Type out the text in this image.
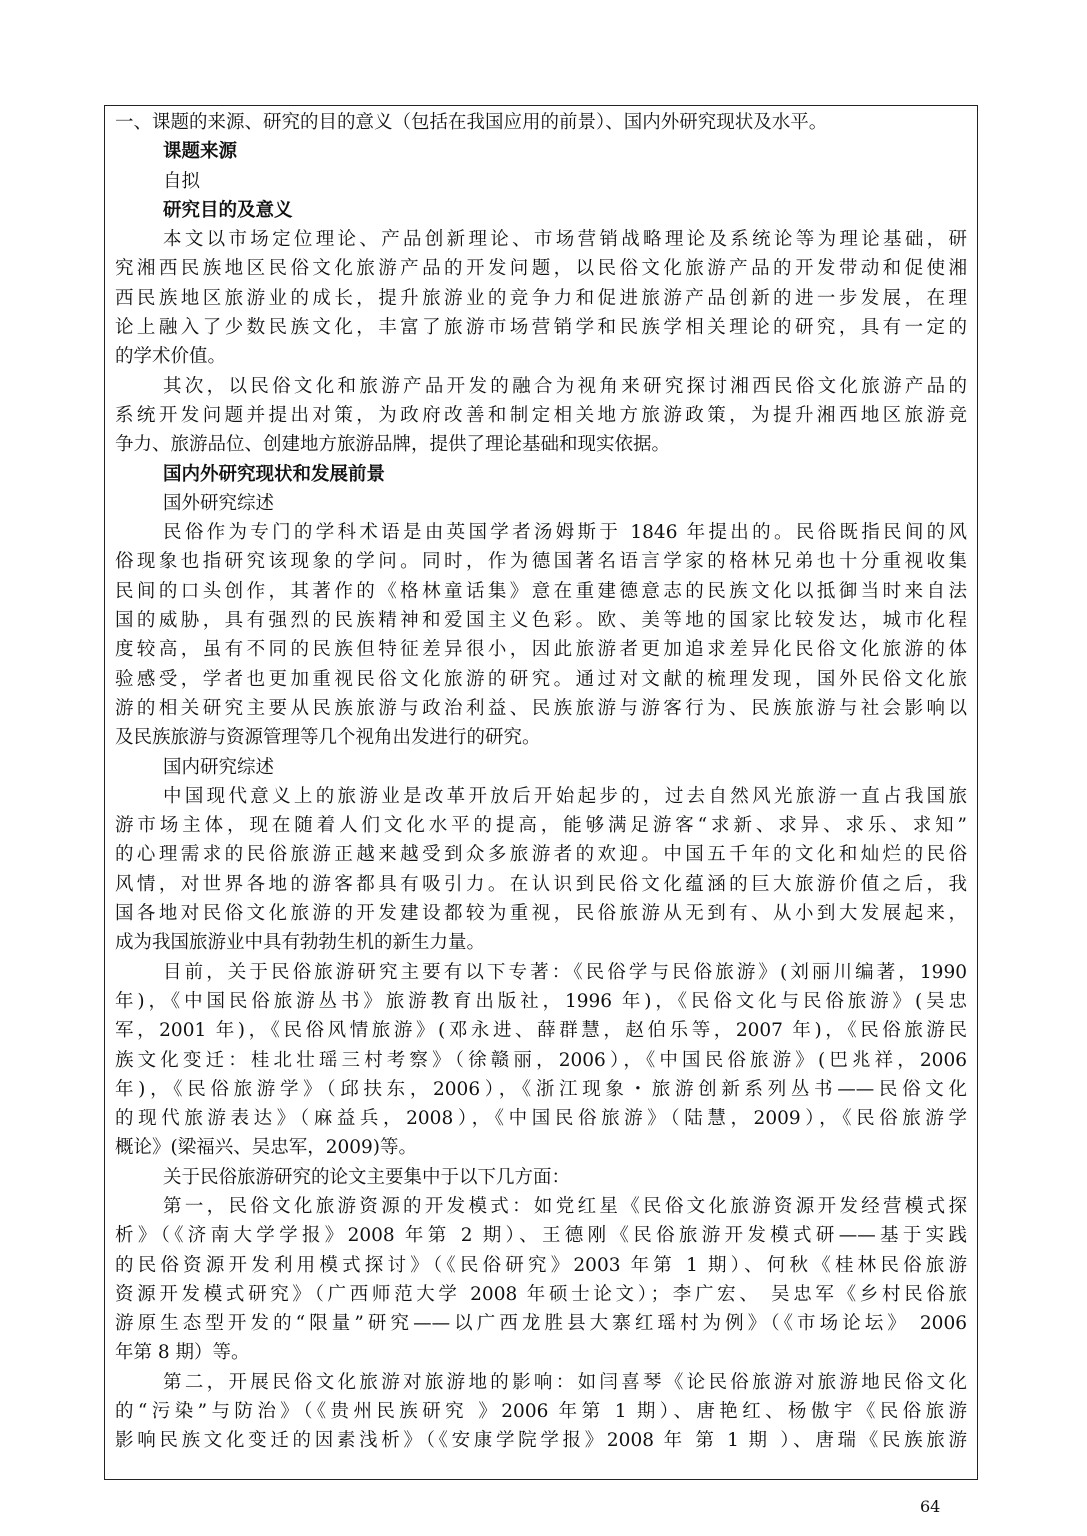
一、课题的来源、研究的目的意义（包括在我国应用的前景）、国内外研究现状及水平。
课题来源
自拟
研究目的及意义
本文以市场定位理论、产品创新理论、市场营销战略理论及系统论等为理论基础，研
究湘西民族地区民俗文化旅游产品的开发问题，以民俗文化旅游产品的开发带动和促使湘
西民族地区旅游业的成长，提升旅游业的竞争力和促进旅游产品创新的进一步发展，在理
论上融入了少数民族文化，丰富了旅游市场营销学和民族学相关理论的研究，具有一定的
的学术价值。
其次，以民俗文化和旅游产品开发的融合为视角来研究探讨湘西民俗文化旅游产品的
系统开发问题并提出对策，为政府改善和制定相关地方旅游政策，为提升湘西地区旅游竞
争力、旅游品位、创建地方旅游品牌，提供了理论基础和现实依据。
国内外研究现状和发展前景
国外研究综述
民俗作为专门的学科术语是由英国学者汤姆斯于 1846 年提出的。民俗既指民间的风
俗现象也指研究该现象的学问。同时，作为德国著名语言学家的格林兄弟也十分重视收集
民间的口头创作，其著作的《格林童话集》意在重建德意志的民族文化以抵御当时来自法
国的威胁，具有强烈的民族精神和爱国主义色彩。欧、美等地的国家比较发达，城市化程
度较高，虽有不同的民族但特征差异很小，因此旅游者更加追求差异化民俗文化旅游的体
验感受，学者也更加重视民俗文化旅游的研究。通过对文献的梳理发现，国外民俗文化旅
游的相关研究主要从民族旅游与政治利益、民族旅游与游客行为、民族旅游与社会影响以
及民族旅游与资源管理等几个视角出发进行的研究。
国内研究综述
中国现代意义上的旅游业是改革开放后开始起步的，过去自然风光旅游一直占我国旅
游市场主体，现在随着人们文化水平的提高，能够满足游客“求新、求异、求乐、求知”
的心理需求的民俗旅游正越来越受到众多旅游者的欢迎。中国五千年的文化和灿烂的民俗
风情，对世界各地的游客都具有吸引力。在认识到民俗文化蕴涵的巨大旅游价值之后，我
国各地对民俗文化旅游的开发建设都较为重视，民俗旅游从无到有、从小到大发展起来，
成为我国旅游业中具有勃勃生机的新生力量。
目前，关于民俗旅游研究主要有以下专著：《民俗学与民俗旅游》(刘丽川编著，1990
年)，《中国民俗旅游丛书》旅游教育出版社，1996 年)，《民俗文化与民俗旅游》(吴忠
军，2001 年)，《民俗风情旅游》(邓永进、薛群慧，赵伯乐等，2007 年)，《民俗旅游民
族文化变迁：桂北壮瑶三村考察》（徐赣丽，2006），《中国民俗旅游》(巴兆祥，2006
年)，《民俗旅游学》（邱扶东，2006），《浙江现象・旅游创新系列丛书——民俗文化
的现代旅游表达》（麻益兵，2008），《中国民俗旅游》（陆慧，2009），《民俗旅游学
概论》(梁福兴、吴忠军，2009)等。
关于民俗旅游研究的论文主要集中于以下几方面：
第一，民俗文化旅游资源的开发模式：如党红星《民俗文化旅游资源开发经营模式探
析》（《济南大学学报》2008 年第 2 期）、王德刚《民俗旅游开发模式研——基于实践
的民俗资源开发利用模式探讨》（《民俗研究》2003 年第 1 期）、何秋《桂林民俗旅游
资源开发模式研究》（广西师范大学 2008 年硕士论文）；李广宏、 吴忠军《乡村民俗旅
游原生态型开发的“限量”研究——以广西龙胜县大寨红瑶村为例》（《市场论坛》 2006
年第 8 期）等。
第二，开展民俗文化旅游对旅游地的影响：如闫喜琴《论民俗旅游对旅游地民俗文化
的“污染”与防治》（《贵州民族研究 》2006 年第 1 期）、唐艳红、杨傲宇《民俗旅游
影响民族文化变迁的因素浅析》（《安康学院学报》2008 年 第 1 期 ）、唐瑞《民族旅游
64
